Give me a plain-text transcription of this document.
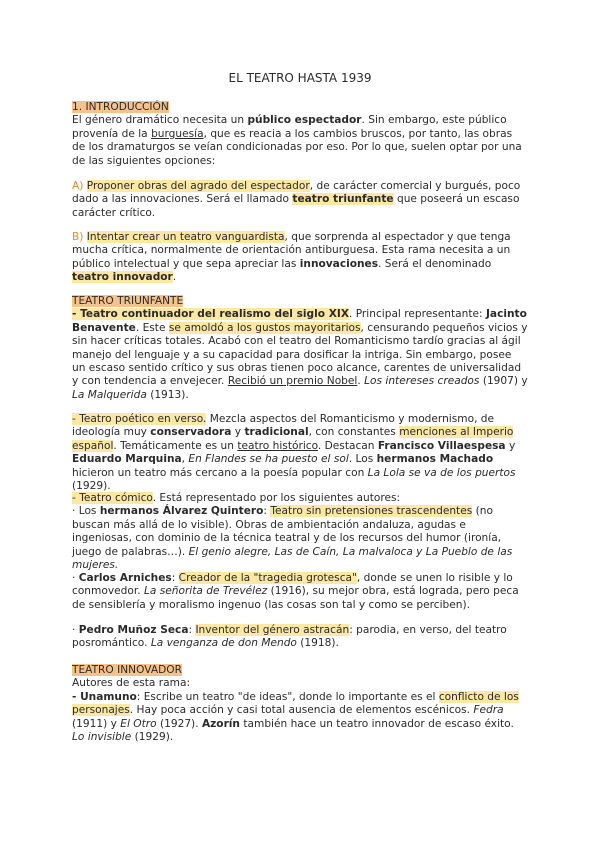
EL TEATRO HASTA 1939

1. INTRODUCCIÓN

El género dramático necesita un público espectador. Sin embargo, este público provenía de la burguesía, que es reacia a los cambios bruscos, por tanto, las obras de los dramaturgos se veían condicionadas por eso. Por lo que, suelen optar por una de las siguientes opciones:

A) Proponer obras del agrado del espectador, de carácter comercial y burgués, poco dado a las innovaciones. Será el llamado teatro triunfante que poseerá un escaso carácter crítico.

B) Intentar crear un teatro vanguardista, que sorprenda al espectador y que tenga mucha crítica, normalmente de orientación antiburguesa. Esta rama necesita a un público intelectual y que sepa apreciar las innovaciones. Será el denominado teatro innovador.

TEATRO TRIUNFANTE

- Teatro continuador del realismo del siglo XIX. Principal representante: Jacinto Benavente. Este se amoldó a los gustos mayoritarios, censurando pequeños vicios y sin hacer críticas totales. Acabó con el teatro del Romanticismo tardío gracias al ágil manejo del lenguaje y a su capacidad para dosificar la intriga. Sin embargo, posee un escaso sentido crítico y sus obras tienen poco alcance, carentes de universalidad y con tendencia a envejecer. Recibió un premio Nobel. Los intereses creados (1907) y La Malquerida (1913).

- Teatro poético en verso. Mezcla aspectos del Romanticismo y modernismo, de ideología muy conservadora y tradicional, con constantes menciones al Imperio español. Temáticamente es un teatro histórico. Destacan Francisco Villaespesa y Eduardo Marquina, En Flandes se ha puesto el sol. Los hermanos Machado hicieron un teatro más cercano a la poesía popular con La Lola se va de los puertos (1929).

- Teatro cómico. Está representado por los siguientes autores:

· Los hermanos Álvarez Quintero: Teatro sin pretensiones trascendentes (no buscan más allá de lo visible). Obras de ambientación andaluza, agudas e ingeniosas, con dominio de la técnica teatral y de los recursos del humor (ironía, juego de palabras…). El genio alegre, Las de Caín, La malvaloca y La Pueblo de las mujeres.

· Carlos Arniches: Creador de la "tragedia grotesca", donde se unen lo risible y lo conmovedor. La señorita de Trevélez (1916), su mejor obra, está lograda, pero peca de sensiblería y moralismo ingenuo (las cosas son tal y como se perciben).

· Pedro Muñoz Seca: Inventor del género astracán: parodia, en verso, del teatro posromántico. La venganza de don Mendo (1918).

TEATRO INNOVADOR

Autores de esta rama:

- Unamuno: Escribe un teatro "de ideas", donde lo importante es el conflicto de los personajes. Hay poca acción y casi total ausencia de elementos escénicos. Fedra (1911) y El Otro (1927). Azorín también hace un teatro innovador de escaso éxito. Lo invisible (1929).
